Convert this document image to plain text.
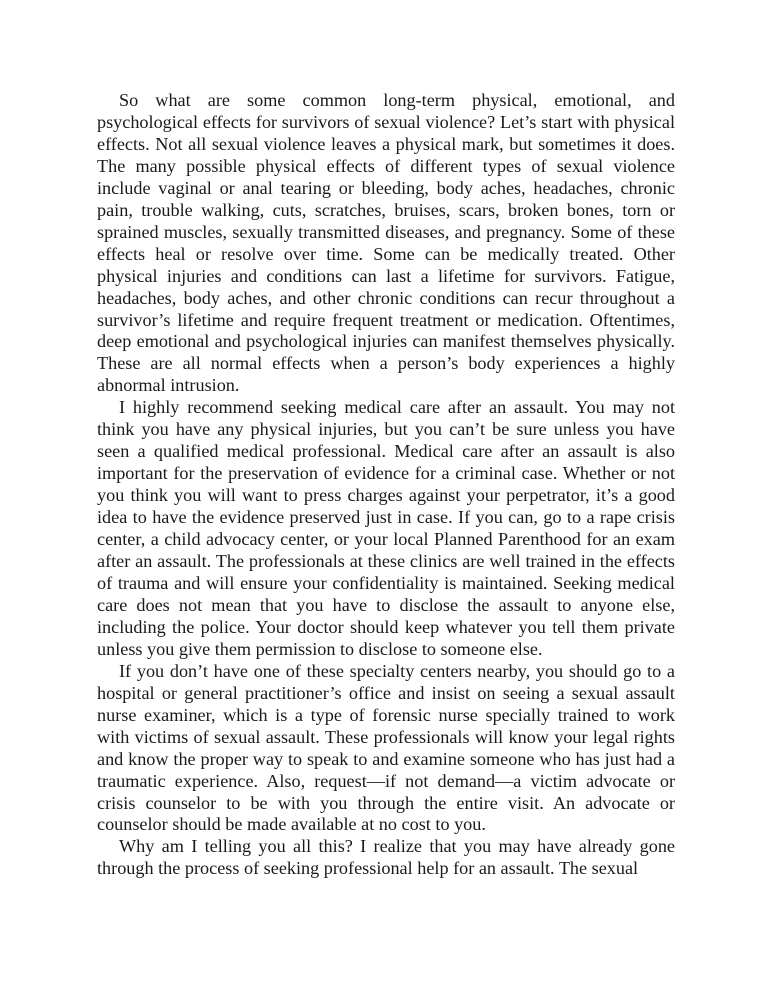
So what are some common long-term physical, emotional, and psychological effects for survivors of sexual violence? Let’s start with physical effects. Not all sexual violence leaves a physical mark, but sometimes it does. The many possible physical effects of different types of sexual violence include vaginal or anal tearing or bleeding, body aches, headaches, chronic pain, trouble walking, cuts, scratches, bruises, scars, broken bones, torn or sprained muscles, sexually transmitted diseases, and pregnancy. Some of these effects heal or resolve over time. Some can be medically treated. Other physical injuries and conditions can last a lifetime for survivors. Fatigue, headaches, body aches, and other chronic conditions can recur throughout a survivor’s lifetime and require frequent treatment or medication. Oftentimes, deep emotional and psychological injuries can manifest themselves physically. These are all normal effects when a person’s body experiences a highly abnormal intrusion.

I highly recommend seeking medical care after an assault. You may not think you have any physical injuries, but you can’t be sure unless you have seen a qualified medical professional. Medical care after an assault is also important for the preservation of evidence for a criminal case. Whether or not you think you will want to press charges against your perpetrator, it’s a good idea to have the evidence preserved just in case. If you can, go to a rape crisis center, a child advocacy center, or your local Planned Parenthood for an exam after an assault. The professionals at these clinics are well trained in the effects of trauma and will ensure your confidentiality is maintained. Seeking medical care does not mean that you have to disclose the assault to anyone else, including the police. Your doctor should keep whatever you tell them private unless you give them permission to disclose to someone else.

If you don’t have one of these specialty centers nearby, you should go to a hospital or general practitioner’s office and insist on seeing a sexual assault nurse examiner, which is a type of forensic nurse specially trained to work with victims of sexual assault. These professionals will know your legal rights and know the proper way to speak to and examine someone who has just had a traumatic experience. Also, request—if not demand—a victim advocate or crisis counselor to be with you through the entire visit. An advocate or counselor should be made available at no cost to you.

Why am I telling you all this? I realize that you may have already gone through the process of seeking professional help for an assault. The sexual
